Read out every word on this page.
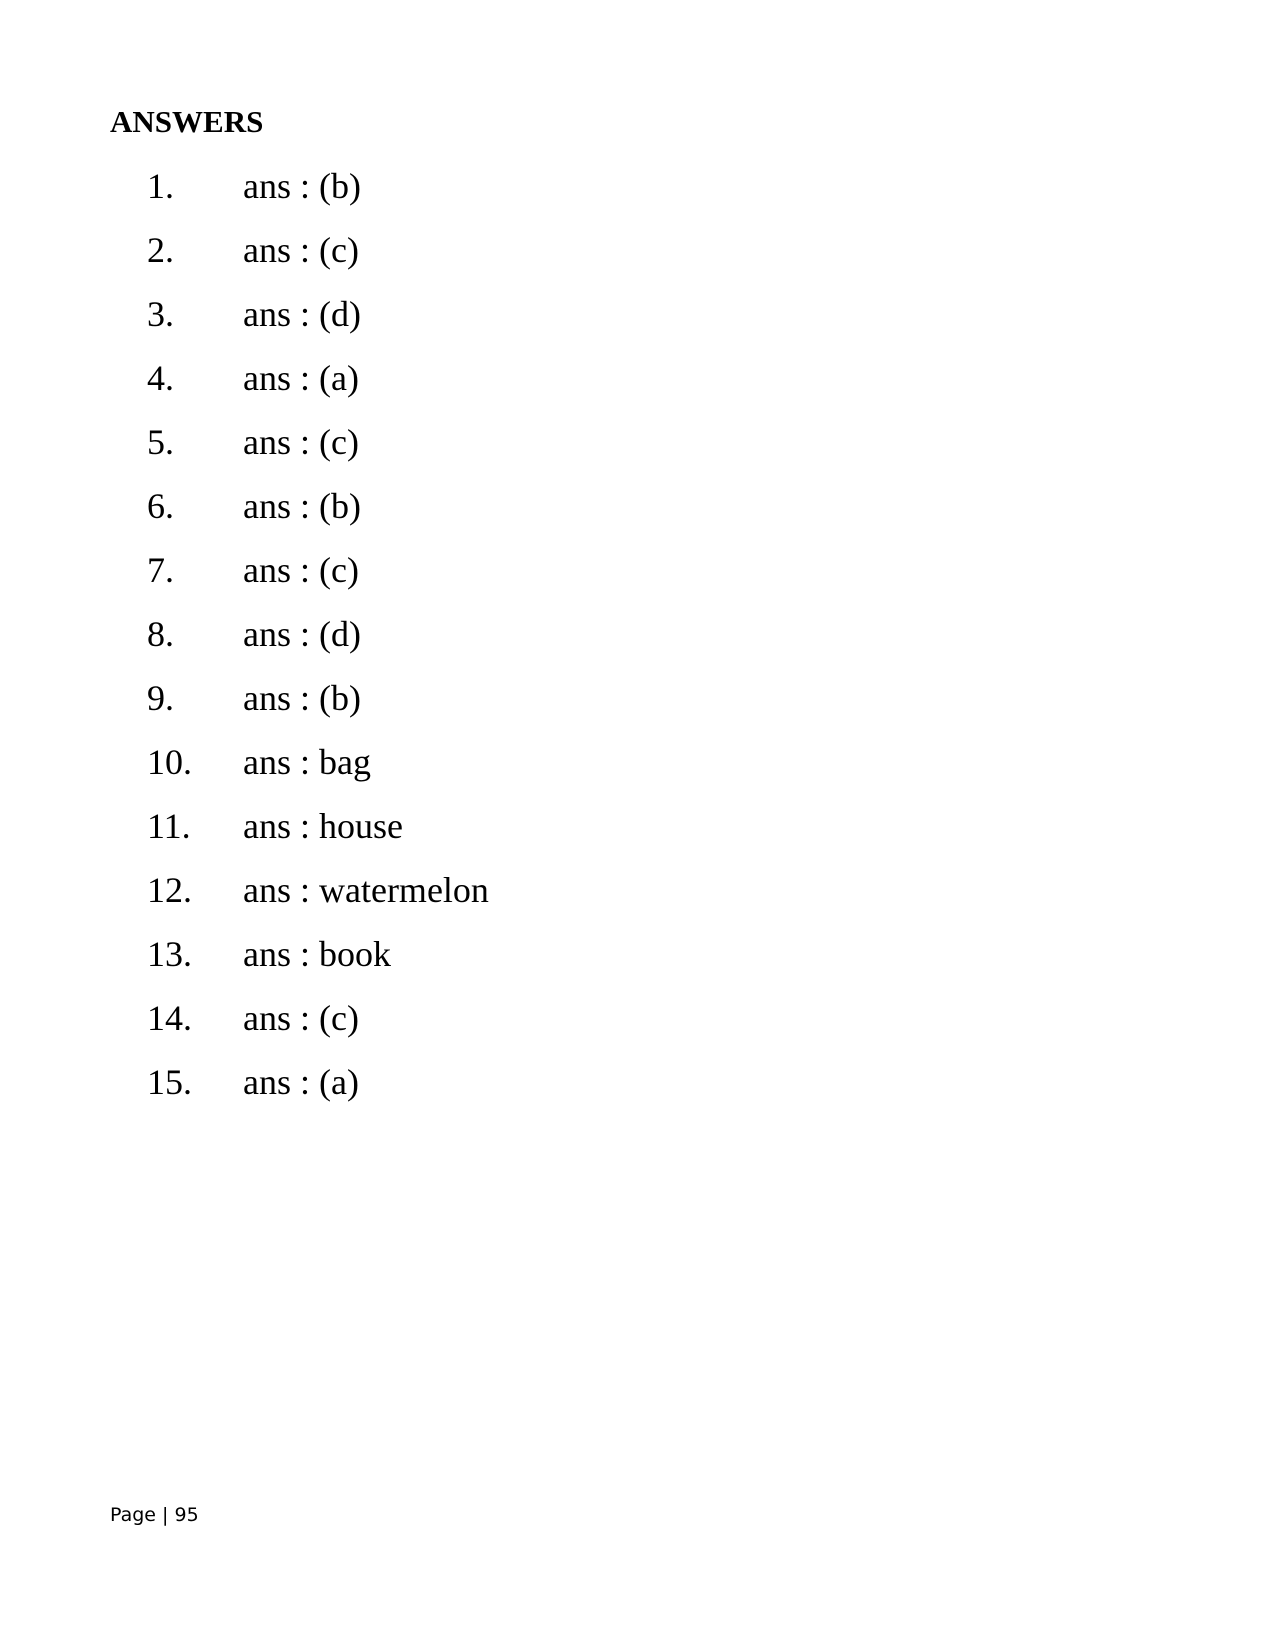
ANSWERS
1. ans : (b)
2. ans : (c)
3. ans : (d)
4. ans : (a)
5. ans : (c)
6. ans : (b)
7. ans : (c)
8. ans : (d)
9. ans : (b)
10. ans : bag
11. ans : house
12. ans : watermelon
13. ans : book
14. ans : (c)
15. ans : (a)
Page | 95
